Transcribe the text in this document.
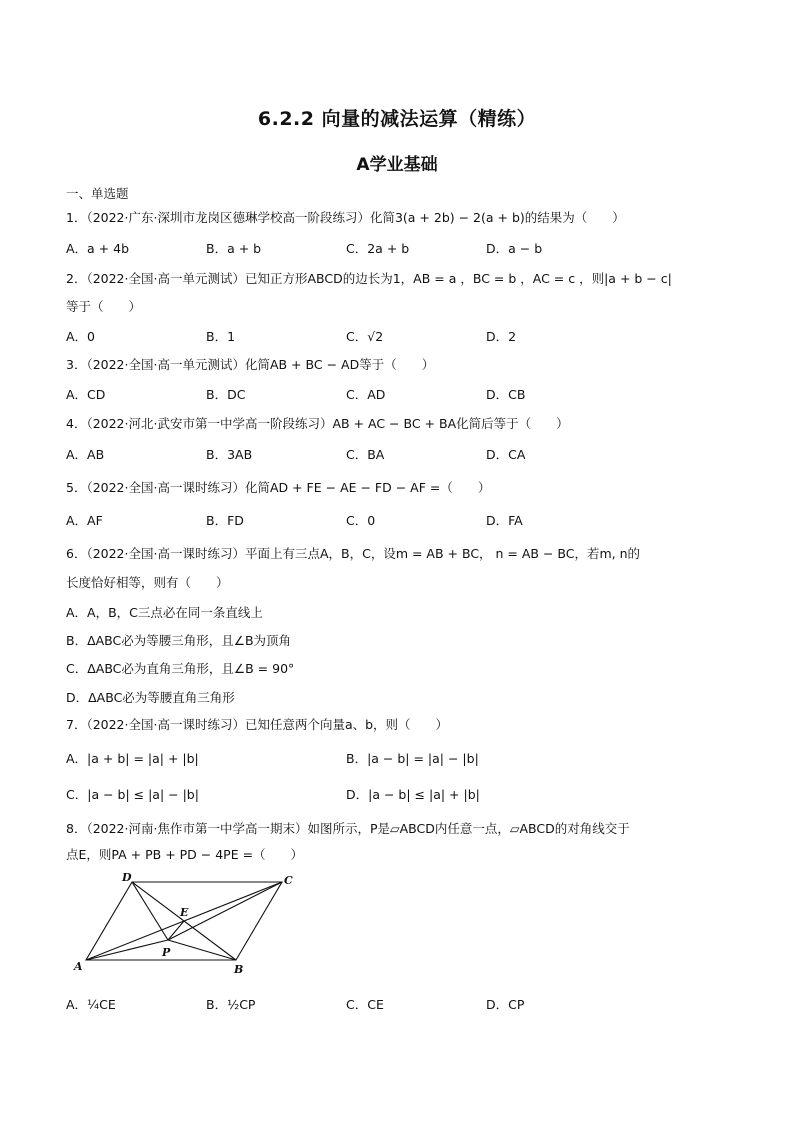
6.2.2 向量的减法运算（精练）
A学业基础
一、单选题
1．（2022·广东·深圳市龙岗区德琳学校高一阶段练习）化简3(a + 2b) − 2(a + b)的结果为（　　）
A．a + 4b	B．a + b	C．2a + b	D．a − b
2．（2022·全国·高一单元测试）已知正方形ABCD的边长为1，AB = a ，BC = b ，AC = c ，则|a + b − c|
等于（　　）
A．0	B．1	C．√2	D．2
3．（2022·全国·高一单元测试）化简AB + BC − AD等于（　　）
A．CD	B．DC	C．AD	D．CB
4．（2022·河北·武安市第一中学高一阶段练习）AB + AC − BC + BA化简后等于（　　）
A．AB	B．3AB	C．BA	D．CA
5．（2022·全国·高一课时练习）化简AD + FE − AE − FD − AF =（　　）
A．AF	B．FD	C．0	D．FA
6．（2022·全国·高一课时练习）平面上有三点A，B，C，设m = AB + BC， n = AB − BC，若m, n的
长度恰好相等，则有（　　）
A．A，B，C三点必在同一条直线上
B．ΔABC必为等腰三角形，且∠B为顶角
C．ΔABC必为直角三角形，且∠B = 90°
D．ΔABC必为等腰直角三角形
7．（2022·全国·高一课时练习）已知任意两个向量a、b，则（　　）
A．|a + b| = |a| + |b|	B．|a − b| = |a| − |b|
C．|a − b| ≤ |a| − |b|	D．|a − b| ≤ |a| + |b|
8．（2022·河南·焦作市第一中学高一期末）如图所示，P是▱ABCD内任意一点，▱ABCD的对角线交于
点E，则PA + PB + PD − 4PE =（　　）
A	B
C
D
E
P
A．¼CE	B．½CP	C．CE	D．CP
